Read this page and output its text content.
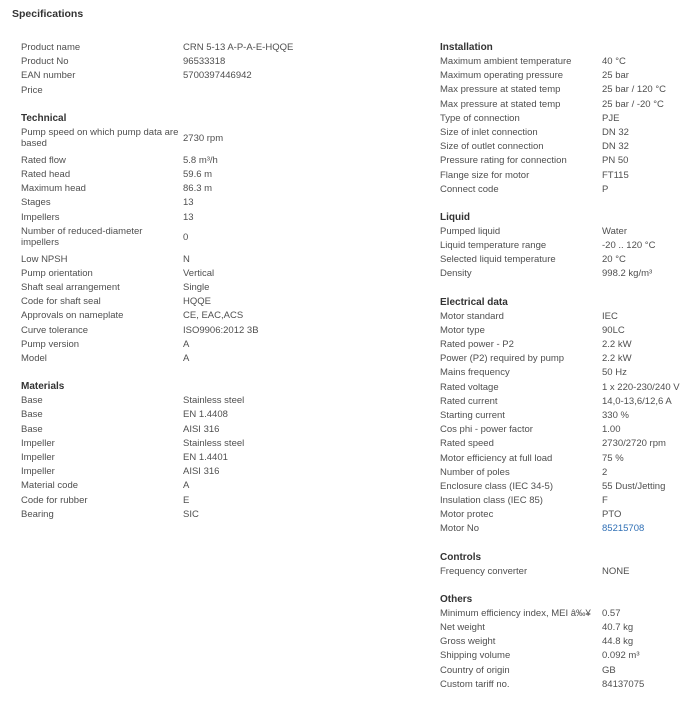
Specifications
Product name	CRN 5-13 A-P-A-E-HQQE
Product No	96533318
EAN number	5700397446942
Price
Technical
Pump speed on which pump data are based	2730 rpm
Rated flow	5.8 m³/h
Rated head	59.6 m
Maximum head	86.3 m
Stages	13
Impellers	13
Number of reduced-diameter impellers	0
Low NPSH	N
Pump orientation	Vertical
Shaft seal arrangement	Single
Code for shaft seal	HQQE
Approvals on nameplate	CE, EAC,ACS
Curve tolerance	ISO9906:2012 3B
Pump version	A
Model	A
Materials
Base	Stainless steel
Base	EN 1.4408
Base	AISI 316
Impeller	Stainless steel
Impeller	EN 1.4401
Impeller	AISI 316
Material code	A
Code for rubber	E
Bearing	SIC
Installation
Maximum ambient temperature	40 °C
Maximum operating pressure	25 bar
Max pressure at stated temp	25 bar / 120 °C
Max pressure at stated temp	25 bar / -20 °C
Type of connection	PJE
Size of inlet connection	DN 32
Size of outlet connection	DN 32
Pressure rating for connection	PN 50
Flange size for motor	FT115
Connect code	P
Liquid
Pumped liquid	Water
Liquid temperature range	-20 .. 120 °C
Selected liquid temperature	20 °C
Density	998.2 kg/m³
Electrical data
Motor standard	IEC
Motor type	90LC
Rated power - P2	2.2 kW
Power (P2) required by pump	2.2 kW
Mains frequency	50 Hz
Rated voltage	1 x 220-230/240 V
Rated current	14,0-13,6/12,6 A
Starting current	330 %
Cos phi - power factor	1.00
Rated speed	2730/2720 rpm
Motor efficiency at full load	75 %
Number of poles	2
Enclosure class (IEC 34-5)	55 Dust/Jetting
Insulation class (IEC 85)	F
Motor protec	PTO
Motor No	85215708
Controls
Frequency converter	NONE
Others
Minimum efficiency index, MEI â‰¥	0.57
Net weight	40.7 kg
Gross weight	44.8 kg
Shipping volume	0.092 m³
Country of origin	GB
Custom tariff no.	84137075
